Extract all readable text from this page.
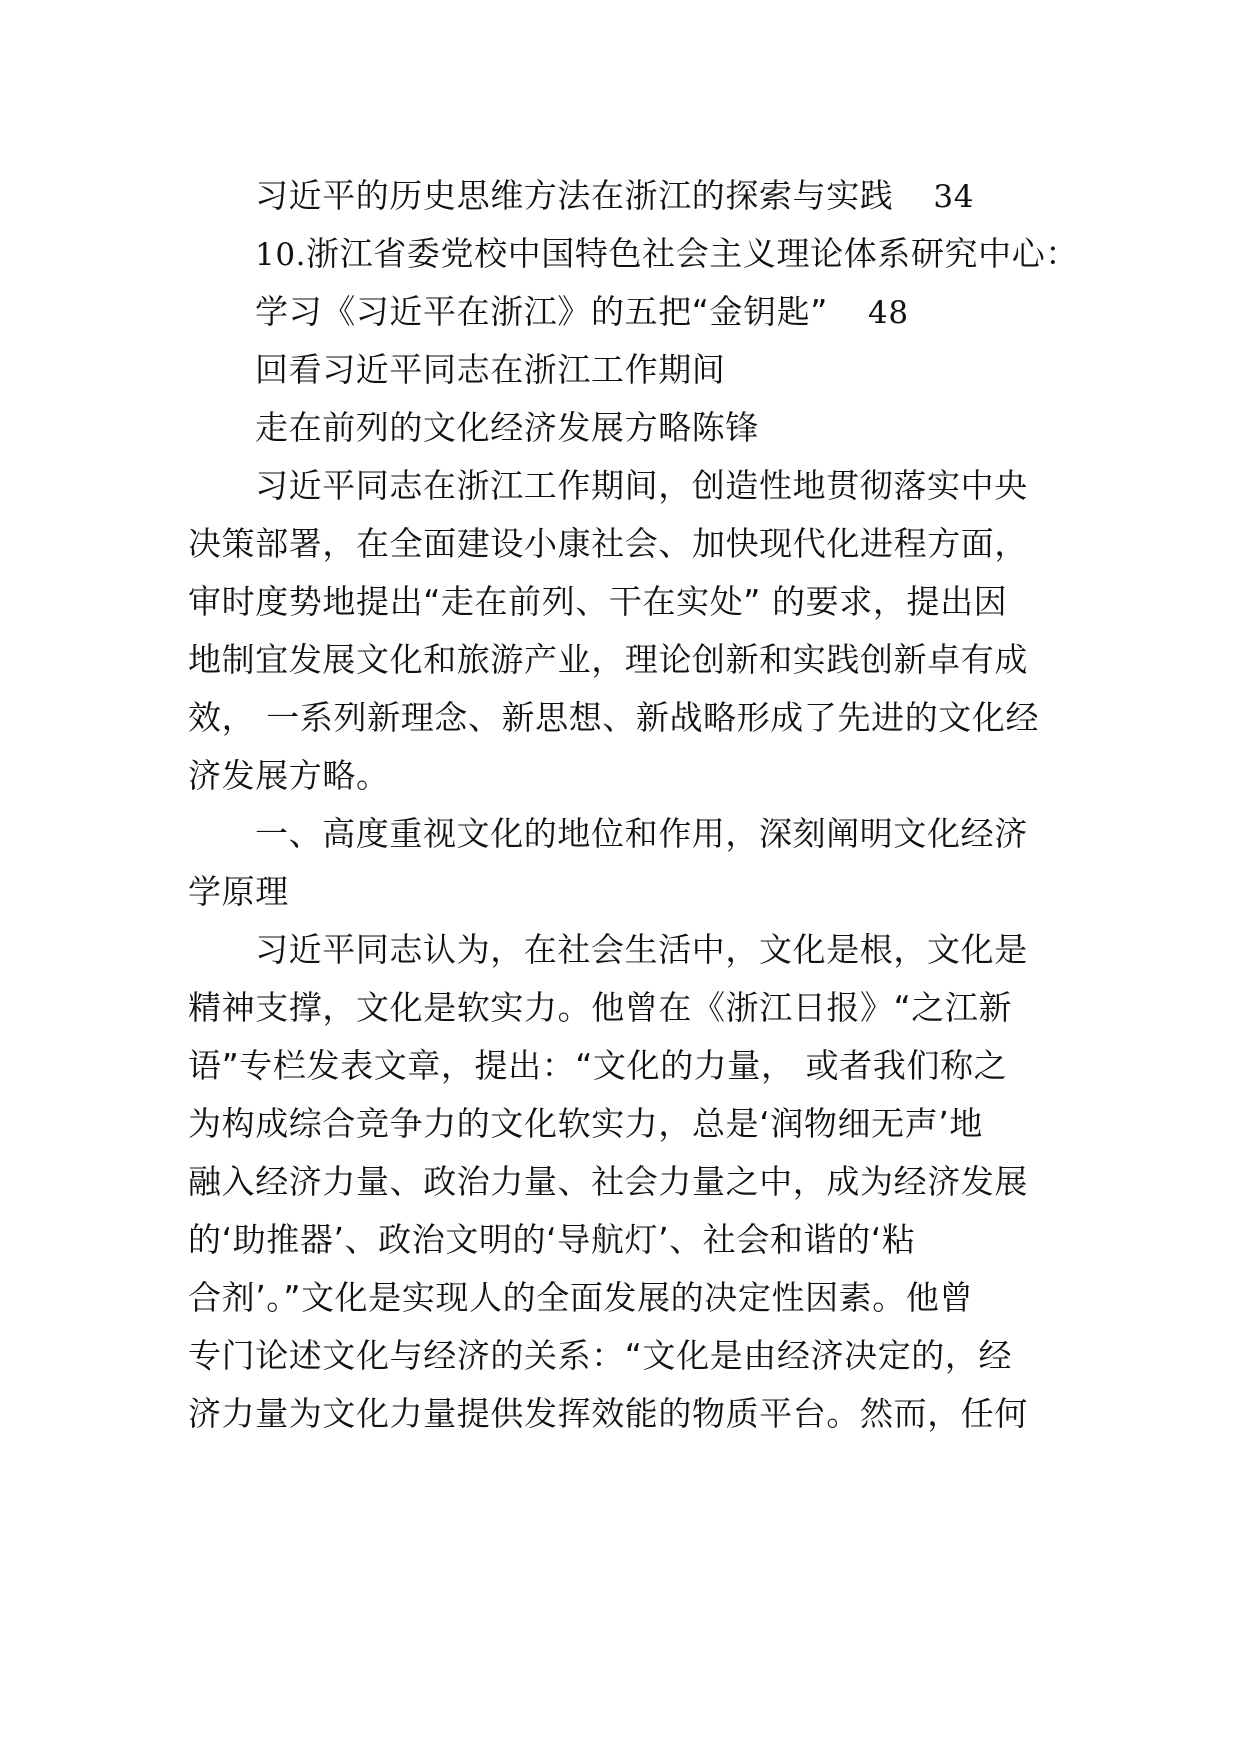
习近平的历史思维方法在浙江的探索与实践 34
10.浙江省委党校中国特色社会主义理论体系研究中心：
学习《习近平在浙江》的五把“金钥匙” 48
回看习近平同志在浙江工作期间
走在前列的文化经济发展方略陈锋
习近平同志在浙江工作期间，创造性地贯彻落实中央
决策部署，在全面建设小康社会、加快现代化进程方面，
审时度势地提出“走在前列、干在实处” 的要求，提出因
地制宜发展文化和旅游产业，理论创新和实践创新卓有成
效， 一系列新理念、新思想、新战略形成了先进的文化经
济发展方略。
一、高度重视文化的地位和作用，深刻阐明文化经济
学原理
习近平同志认为，在社会生活中，文化是根，文化是
精神支撑，文化是软实力。他曾在《浙江日报》“之江新
语”专栏发表文章，提出：“文化的力量， 或者我们称之
为构成综合竞争力的文化软实力，总是‘润物细无声’地
融入经济力量、政治力量、社会力量之中，成为经济发展
的‘助推器’、政治文明的‘导航灯’、社会和谐的‘粘
合剂’。”文化是实现人的全面发展的决定性因素。他曾
专门论述文化与经济的关系：“文化是由经济决定的，经
济力量为文化力量提供发挥效能的物质平台。然而，任何
